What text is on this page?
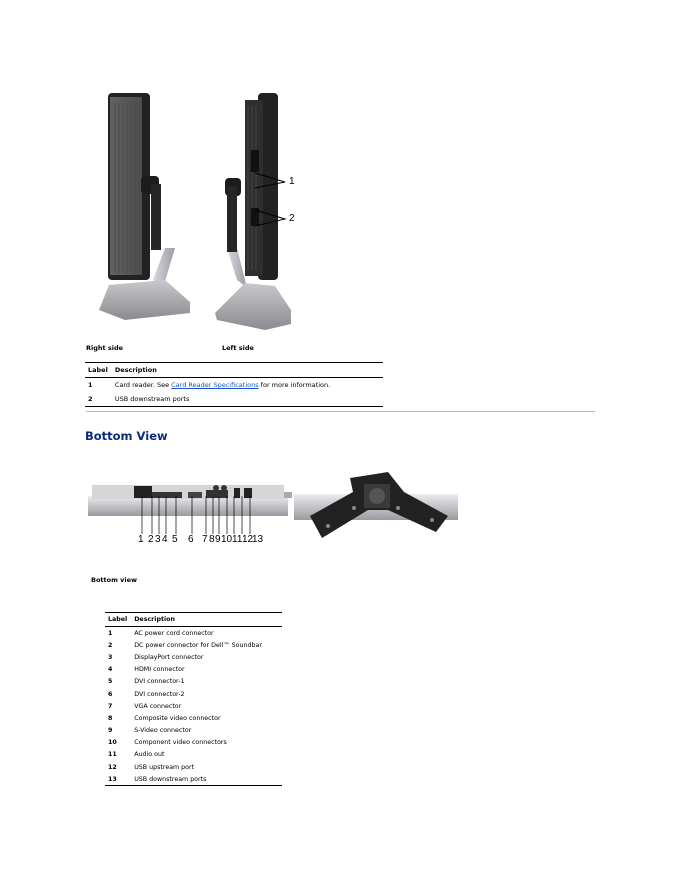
1
2
Right side	Left side
Label	Description
1	Card reader. See Card Reader Specifications for more information.
2	USB downstream ports
Bottom View
1 2 3 4 5 6 7 8 9 10 11 12
13
Bottom view
Label	Description
1	AC power cord connector
2	DC power connector for Dell™ Soundbar
3	DisplayPort connector
4	HDMI connector
5	DVI connector-1
6	DVI connector-2
7	VGA connector
8	Composite video connector
9	S-Video connector
10	Component video connectors
11	Audio out
12	USB upstream port
13	USB downstream ports
